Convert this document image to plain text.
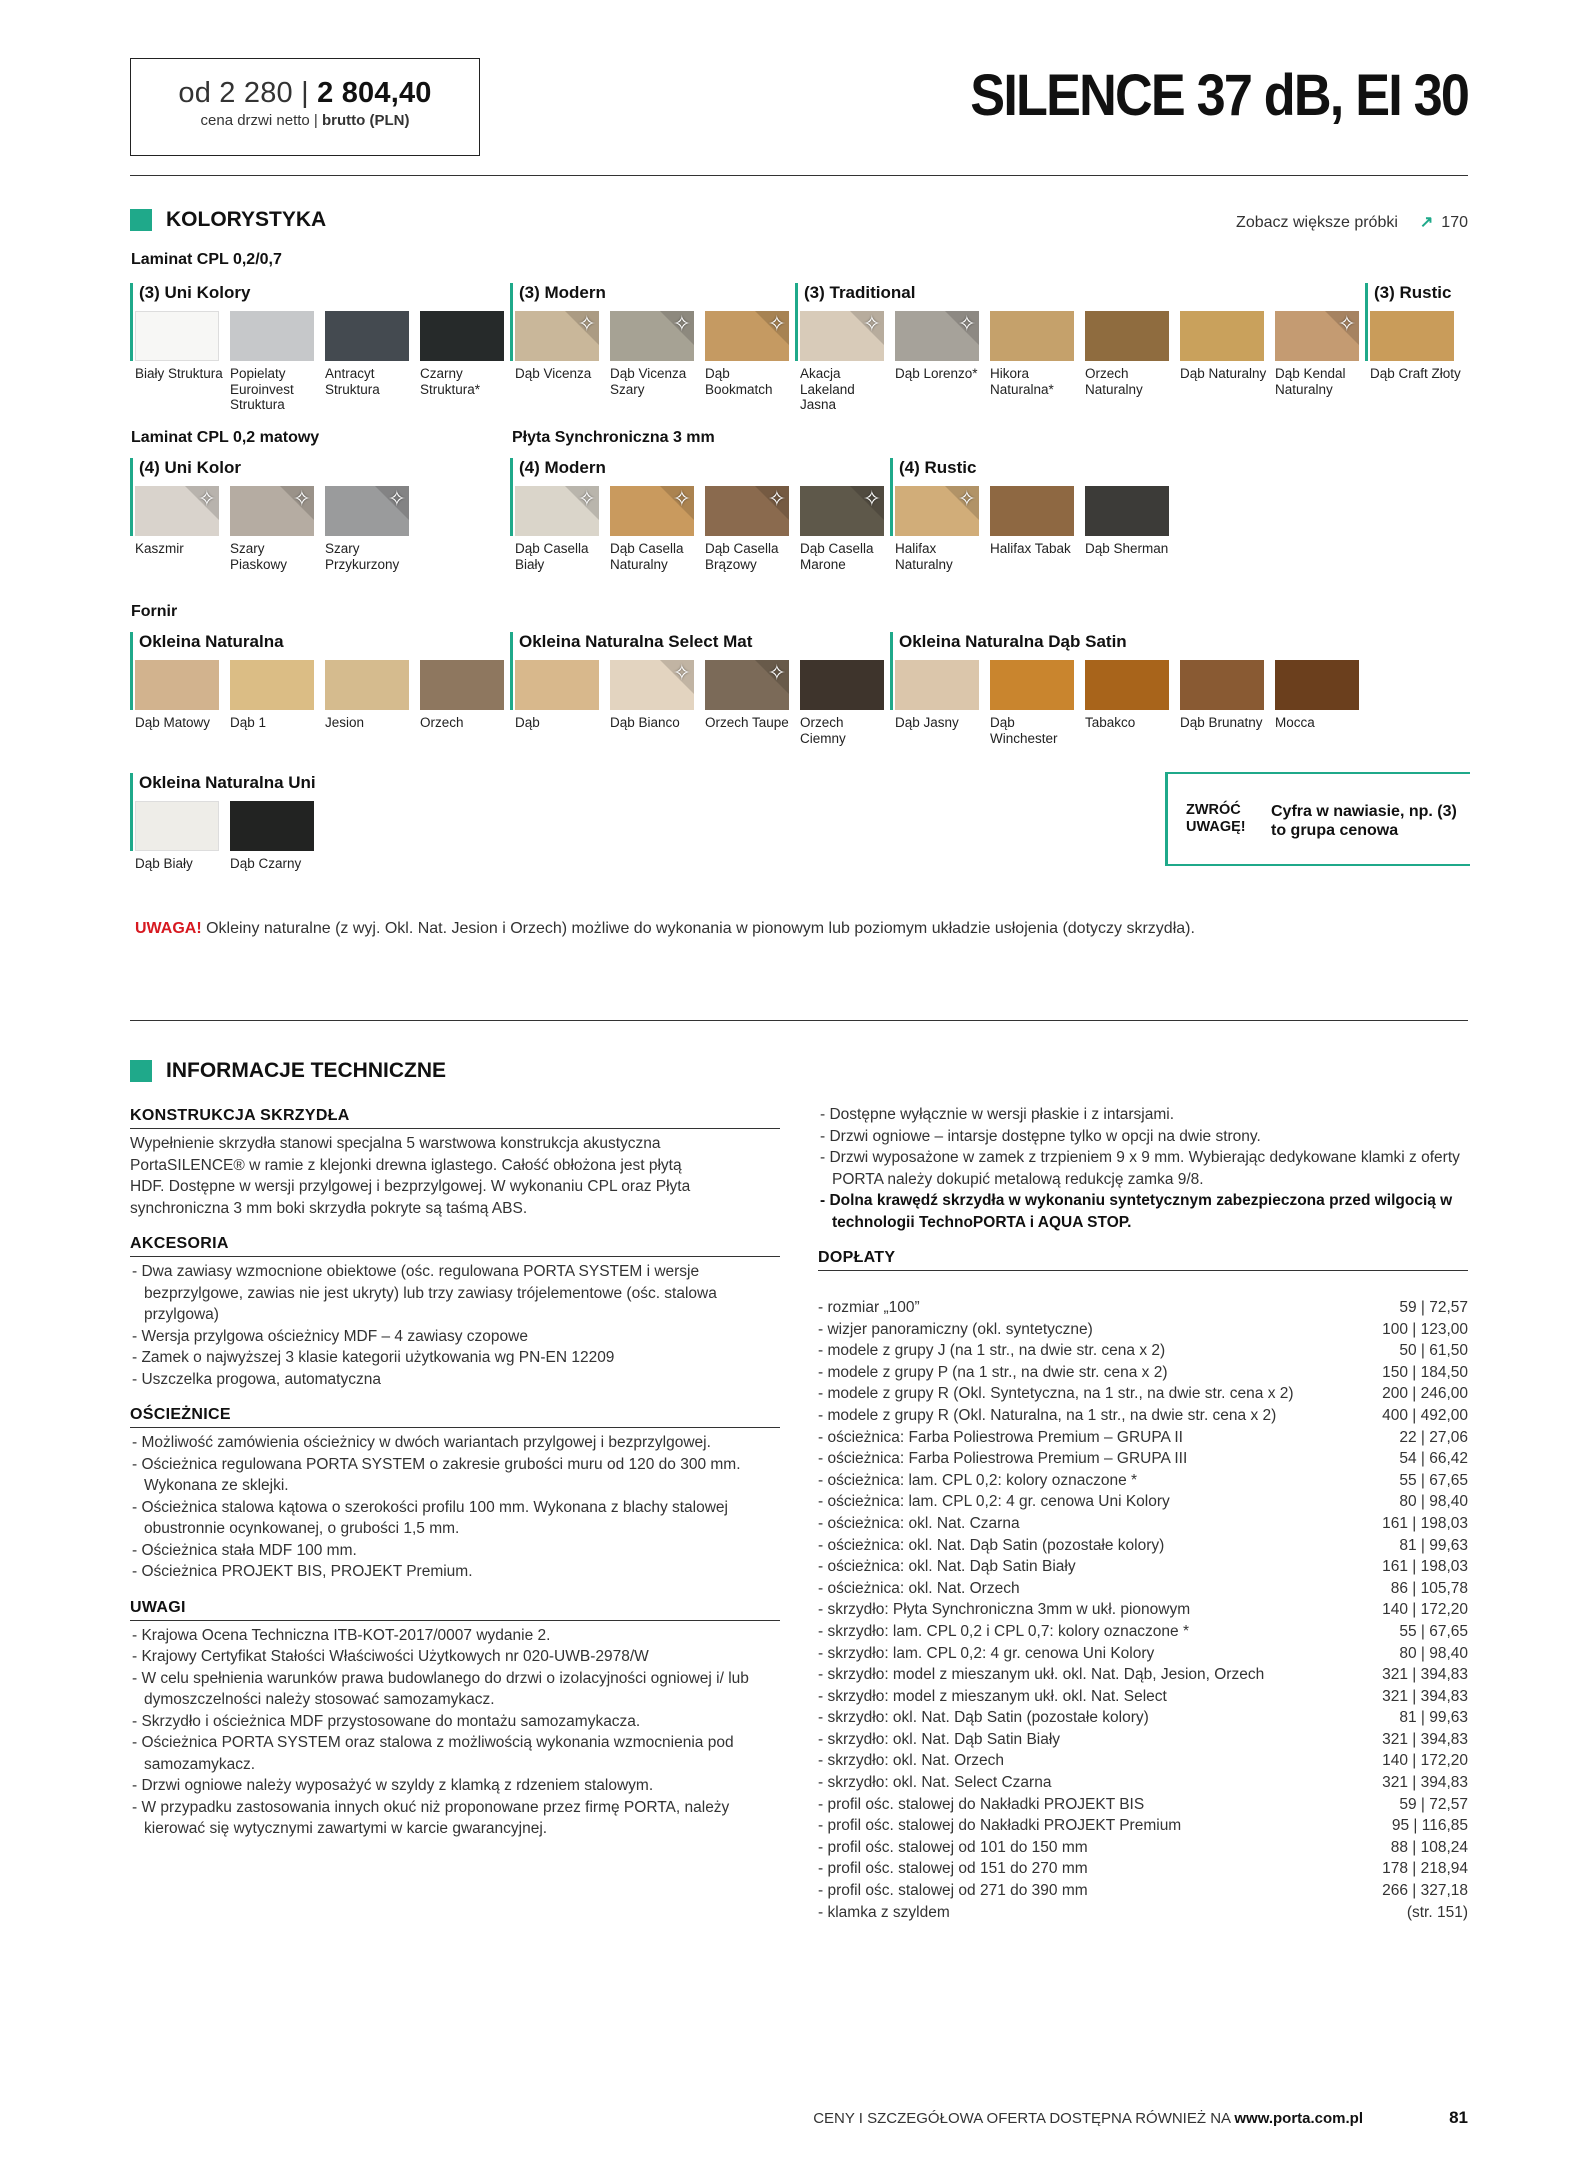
od 2 280 | 2 804,40
cena drzwi netto | brutto (PLN)	SILENCE 37 dB, EI 30
KOLORYSTYKA	Zobacz większe próbki ↗ 170
Laminat CPL 0,2/0,7
(3) Uni Kolory	(3) Modern	(3) Traditional	(3) Rustic
Biały Struktura Popielaty Euroinvest Struktura
Antracyt Struktura
Czarny Struktura*
✧
Dąb Vicenza
✧	Dąb Vicenza Szary
✧
Dąb Bookmatch
✧
Akacja Lakeland Jasna
✧
Dąb Lorenzo* Hikora Naturalna*
Orzech Naturalny
Dąb Naturalny
✧ Dąb Kendal Naturalny
Dąb Craft Złoty
Laminat CPL 0,2 matowy	Płyta Synchroniczna 3 mm
(4) Uni Kolor	(4) Modern	(4) Rustic
✧
Kaszmir
✧	Szary Piaskowy
✧
Szary Przykurzony
✧
Dąb Casella Biały
✧
Dąb Casella Naturalny
✧
Dąb Casella Brązowy
✧
Dąb Casella Marone
✧
Halifax Naturalny
Halifax Tabak	Dąb Sherman
Fornir
Okleina Naturalna	Okleina Naturalna Select Mat	Okleina Naturalna Dąb Satin
Dąb Matowy	Dąb 1	Jesion	Orzech	Dąb
✧	Dąb Bianco
✧	Orzech Taupe Orzech Ciemny
Dąb Jasny	Dąb Winchester
Tabakco	Dąb Brunatny Mocca
Okleina Naturalna Uni
Dąb Biały	Dąb Czarny
ZWRÓĆ UWAGĘ!
Cyfra w nawiasie, np. (3) to grupa cenowa
UWAGA! Okleiny naturalne (z wyj. Okl. Nat. Jesion i Orzech) możliwe do wykonania w pionowym lub poziomym układzie usłojenia (dotyczy skrzydła).
INFORMACJE TECHNICZNE
KONSTRUKCJA SKRZYDŁA
Wypełnienie skrzydła stanowi specjalna 5 warstwowa konstrukcja akustyczna
PortaSILENCE® w ramie z klejonki drewna iglastego. Całość obłożona jest płytą
HDF. Dostępne w wersji przylgowej i bezprzylgowej. W wykonaniu CPL oraz Płyta
synchroniczna 3 mm boki skrzydła pokryte są taśmą ABS.
AKCESORIA
- Dwa zawiasy wzmocnione obiektowe (ośc. regulowana PORTA SYSTEM i wersje bezprzylgowe, zawias nie jest ukryty) lub trzy zawiasy trójelementowe (ośc. stalowa przylgowa)
- Wersja przylgowa ościeżnicy MDF – 4 zawiasy czopowe
- Zamek o najwyższej 3 klasie kategorii użytkowania wg PN-EN 12209
- Uszczelka progowa, automatyczna
OŚCIEŻNICE
- Możliwość zamówienia ościeżnicy w dwóch wariantach przylgowej i bezprzylgowej.
- Ościeżnica regulowana PORTA SYSTEM o zakresie grubości muru od 120 do 300 mm. Wykonana ze sklejki.
- Ościeżnica stalowa kątowa o szerokości profilu 100 mm. Wykonana z blachy stalowej obustronnie ocynkowanej, o grubości 1,5 mm.
- Ościeżnica stała MDF 100 mm.
- Ościeżnica PROJEKT BIS, PROJEKT Premium.
UWAGI
- Krajowa Ocena Techniczna ITB-KOT-2017/0007 wydanie 2.
- Krajowy Certyfikat Stałości Właściwości Użytkowych nr 020-UWB-2978/W
- W celu spełnienia warunków prawa budowlanego do drzwi o izolacyjności ogniowej i/ lub dymoszczelności należy stosować samozamykacz.
- Skrzydło i ościeżnica MDF przystosowane do montażu samozamykacza.
- Ościeżnica PORTA SYSTEM oraz stalowa z możliwością wykonania wzmocnienia pod samozamykacz.
- Drzwi ogniowe należy wyposażyć w szyldy z klamką z rdzeniem stalowym.
- W przypadku zastosowania innych okuć niż proponowane przez firmę PORTA, należy kierować się wytycznymi zawartymi w karcie gwarancyjnej.
- Dostępne wyłącznie w wersji płaskie i z intarsjami.
- Drzwi ogniowe – intarsje dostępne tylko w opcji na dwie strony.
- Drzwi wyposażone w zamek z trzpieniem 9 x 9 mm. Wybierając dedykowane klamki z oferty PORTA należy dokupić metalową redukcję zamka 9/8.
- Dolna krawędź skrzydła w wykonaniu syntetycznym zabezpieczona przed wilgocią w technologii TechnoPORTA i AQUA STOP.
DOPŁATY
- rozmiar „100”	59 | 72,57
- wizjer panoramiczny (okl. syntetyczne)	100 | 123,00
- modele z grupy J (na 1 str., na dwie str. cena x 2)	50 | 61,50
- modele z grupy P (na 1 str., na dwie str. cena x 2)	150 | 184,50
- modele z grupy R (Okl. Syntetyczna, na 1 str., na dwie str. cena x 2)	200 | 246,00
- modele z grupy R (Okl. Naturalna, na 1 str., na dwie str. cena x 2)	400 | 492,00
- ościeżnica: Farba Poliestrowa Premium – GRUPA II	22 | 27,06
- ościeżnica: Farba Poliestrowa Premium – GRUPA III	54 | 66,42
- ościeżnica: lam. CPL 0,2: kolory oznaczone *	55 | 67,65
- ościeżnica: lam. CPL 0,2: 4 gr. cenowa Uni Kolory	80 | 98,40
- ościeżnica: okl. Nat. Czarna	161 | 198,03
- ościeżnica: okl. Nat. Dąb Satin (pozostałe kolory)	81 | 99,63
- ościeżnica: okl. Nat. Dąb Satin Biały	161 | 198,03
- ościeżnica: okl. Nat. Orzech	86 | 105,78
- skrzydło: Płyta Synchroniczna 3mm w ukł. pionowym	140 | 172,20
- skrzydło: lam. CPL 0,2 i CPL 0,7: kolory oznaczone *	55 | 67,65
- skrzydło: lam. CPL 0,2: 4 gr. cenowa Uni Kolory	80 | 98,40
- skrzydło: model z mieszanym ukł. okl. Nat. Dąb, Jesion, Orzech	321 | 394,83
- skrzydło: model z mieszanym ukł. okl. Nat. Select	321 | 394,83
- skrzydło: okl. Nat. Dąb Satin (pozostałe kolory)	81 | 99,63
- skrzydło: okl. Nat. Dąb Satin Biały	321 | 394,83
- skrzydło: okl. Nat. Orzech	140 | 172,20
- skrzydło: okl. Nat. Select Czarna	321 | 394,83
- profil ośc. stalowej do Nakładki PROJEKT BIS	59 | 72,57
- profil ośc. stalowej do Nakładki PROJEKT Premium	95 | 116,85
- profil ośc. stalowej od 101 do 150 mm	88 | 108,24
- profil ośc. stalowej od 151 do 270 mm	178 | 218,94
- profil ośc. stalowej od 271 do 390 mm	266 | 327,18
- klamka z szyldem	(str. 151)
CENY I SZCZEGÓŁOWA OFERTA DOSTĘPNA RÓWNIEŻ NA www.porta.com.pl	81
